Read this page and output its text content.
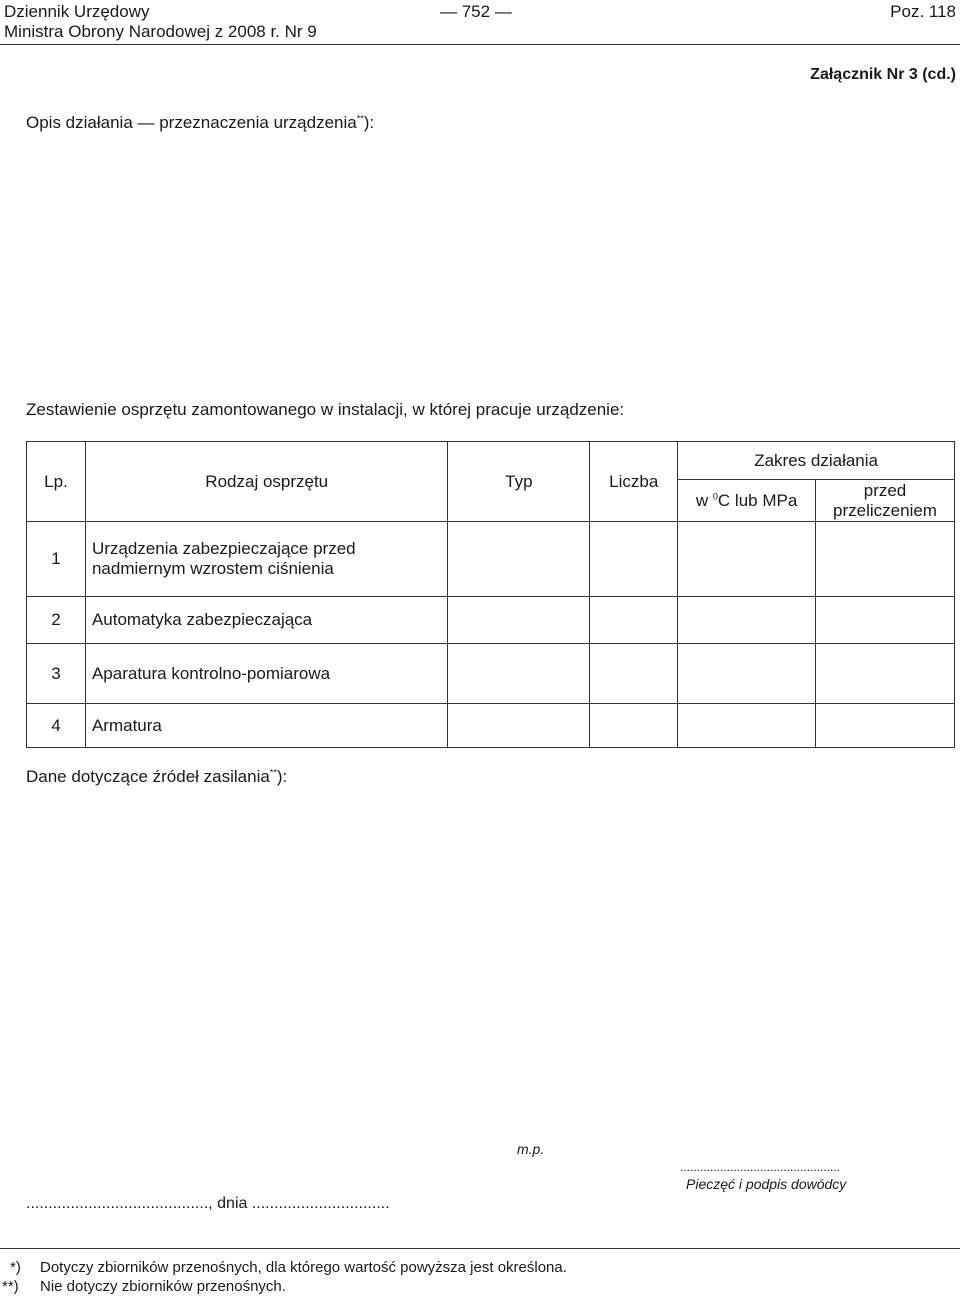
Dziennik Urzędowy
Ministra Obrony Narodowej z 2008 r. Nr 9
— 752 —	Poz. 118
Załącznik Nr 3 (cd.)
Opis działania — przeznaczenia urządzenia**):
Zestawienie osprzętu zamontowanego w instalacji, w której pracuje urządzenie:
Lp.	Rodzaj osprzętu	Typ	Liczba	Zakres działania	
				w $^0$C lub MPa	przed przeliczeniem
1	Urządzenia zabezpieczające przed nadmiernym wzrostem ciśnienia				
2	Automatyka zabezpieczająca				
3	Aparatura kontrolno-pomiarowa				
4	Armatura				
Dane dotyczące źródeł zasilania**):
m.p.
................................................
Pieczęć i podpis dowódcy
........................................., dnia ...............................
*) Dotyczy zbiorników przenośnych, dla którego wartość powyższa jest określona.
**) Nie dotyczy zbiorników przenośnych.
